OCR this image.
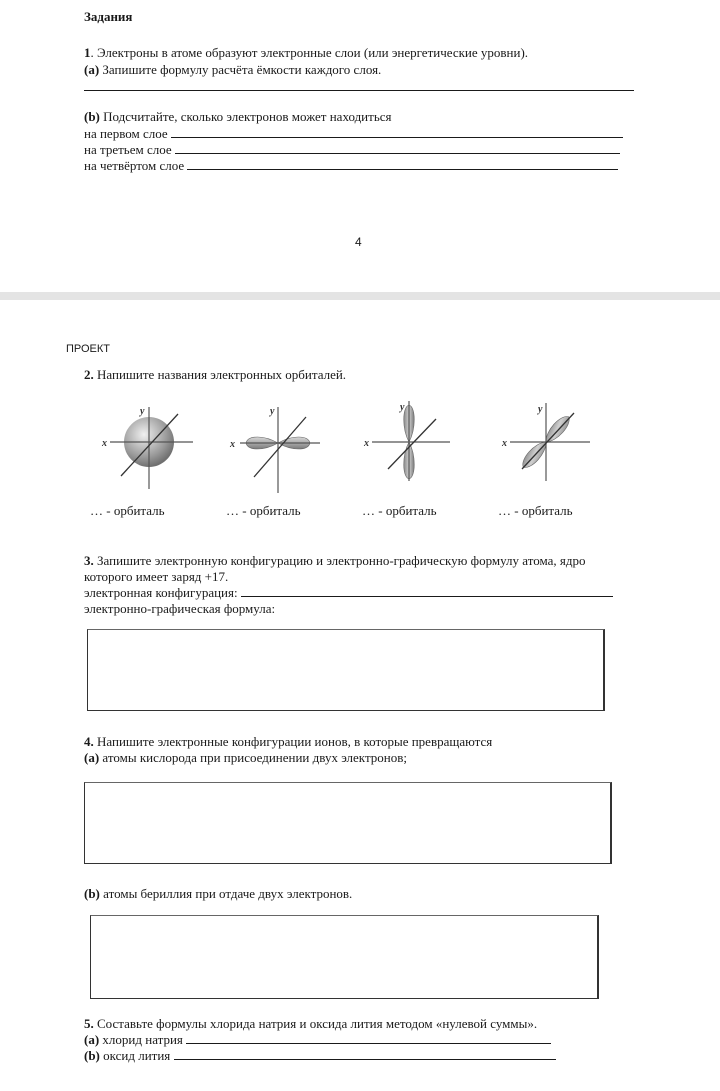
Задания
1. Электроны в атоме образуют электронные слои (или энергетические уровни).
(a) Запишите формулу расчёта ёмкости каждого слоя.
(b) Подсчитайте, сколько электронов может находиться
на первом слое
на третьем слое
на четвёртом слое
4
ПРОЕКТ
2. Напишите названия электронных орбиталей.
x
y
x
y
x
y
x
y
… - орбиталь	… - орбиталь	… - орбиталь	… - орбиталь
3. Запишите электронную конфигурацию и электронно-графическую формулу атома, ядро
которого имеет заряд +17.
электронная конфигурация:
электронно-графическая формула:
4. Напишите электронные конфигурации ионов, в которые превращаются
(a) атомы кислорода при присоединении двух электронов;
(b) атомы бериллия при отдаче двух электронов.
5. Составьте формулы хлорида натрия и оксида лития методом «нулевой суммы».
(a) хлорид натрия
(b) оксид лития
